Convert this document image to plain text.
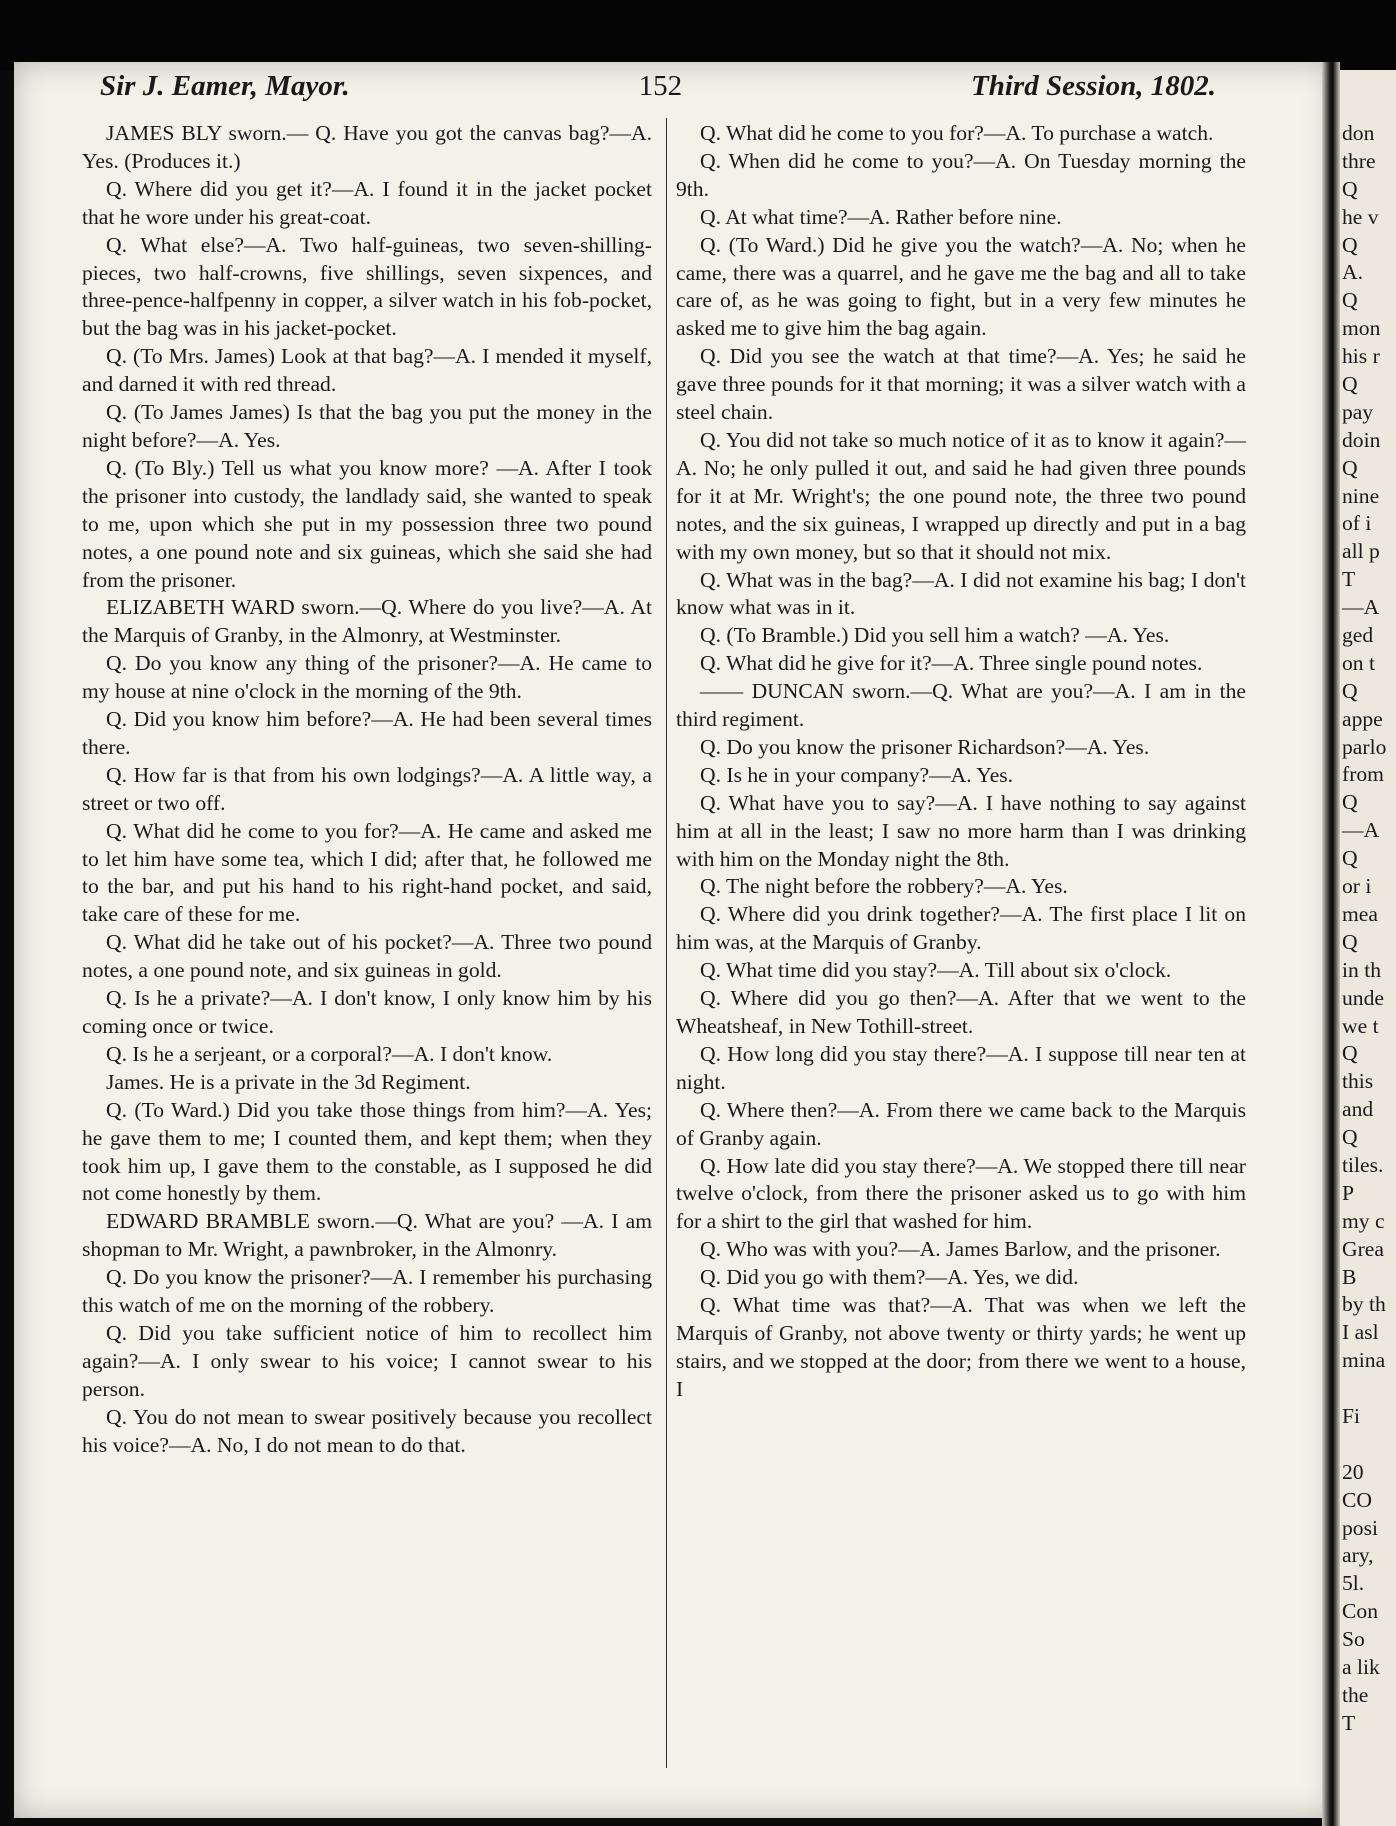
Sir J. Eamer, Mayor.	152	Third Session, 1802.

JAMES BLY sworn.— Q. Have you got the canvas bag?—A. Yes. (Produces it.)

Q. Where did you get it?—A. I found it in the jacket pocket that he wore under his great-coat.

Q. What else?—A. Two half-guineas, two seven-shilling-pieces, two half-crowns, five shillings, seven sixpences, and three-pence-halfpenny in copper, a silver watch in his fob-pocket, but the bag was in his jacket-pocket.

Q. (To Mrs. James) Look at that bag?—A. I mended it myself, and darned it with red thread.

Q. (To James James) Is that the bag you put the money in the night before?—A. Yes.

Q. (To Bly.) Tell us what you know more? —A. After I took the prisoner into custody, the landlady said, she wanted to speak to me, upon which she put in my possession three two pound notes, a one pound note and six guineas, which she said she had from the prisoner.

ELIZABETH WARD sworn.—Q. Where do you live?—A. At the Marquis of Granby, in the Almonry, at Westminster.

Q. Do you know any thing of the prisoner?—A. He came to my house at nine o'clock in the morning of the 9th.

Q. Did you know him before?—A. He had been several times there.

Q. How far is that from his own lodgings?—A. A little way, a street or two off.

Q. What did he come to you for?—A. He came and asked me to let him have some tea, which I did; after that, he followed me to the bar, and put his hand to his right-hand pocket, and said, take care of these for me.

Q. What did he take out of his pocket?—A. Three two pound notes, a one pound note, and six guineas in gold.

Q. Is he a private?—A. I don't know, I only know him by his coming once or twice.

Q. Is he a serjeant, or a corporal?—A. I don't know.

James. He is a private in the 3d Regiment.

Q. (To Ward.) Did you take those things from him?—A. Yes; he gave them to me; I counted them, and kept them; when they took him up, I gave them to the constable, as I supposed he did not come honestly by them.

EDWARD BRAMBLE sworn.—Q. What are you? —A. I am shopman to Mr. Wright, a pawnbroker, in the Almonry.

Q. Do you know the prisoner?—A. I remember his purchasing this watch of me on the morning of the robbery.

Q. Did you take sufficient notice of him to recollect him again?—A. I only swear to his voice; I cannot swear to his person.

Q. You do not mean to swear positively because you recollect his voice?—A. No, I do not mean to do that.

Q. What did he come to you for?—A. To purchase a watch.

Q. When did he come to you?—A. On Tuesday morning the 9th.

Q. At what time?—A. Rather before nine.

Q. (To Ward.) Did he give you the watch?—A. No; when he came, there was a quarrel, and he gave me the bag and all to take care of, as he was going to fight, but in a very few minutes he asked me to give him the bag again.

Q. Did you see the watch at that time?—A. Yes; he said he gave three pounds for it that morning; it was a silver watch with a steel chain.

Q. You did not take so much notice of it as to know it again?—A. No; he only pulled it out, and said he had given three pounds for it at Mr. Wright's; the one pound note, the three two pound notes, and the six guineas, I wrapped up directly and put in a bag with my own money, but so that it should not mix.

Q. What was in the bag?—A. I did not examine his bag; I don't know what was in it.

Q. (To Bramble.) Did you sell him a watch? —A. Yes.

Q. What did he give for it?—A. Three single pound notes.

—— DUNCAN sworn.—Q. What are you?—A. I am in the third regiment.

Q. Do you know the prisoner Richardson?—A. Yes.

Q. Is he in your company?—A. Yes.

Q. What have you to say?—A. I have nothing to say against him at all in the least; I saw no more harm than I was drinking with him on the Monday night the 8th.

Q. The night before the robbery?—A. Yes.

Q. Where did you drink together?—A. The first place I lit on him was, at the Marquis of Granby.

Q. What time did you stay?—A. Till about six o'clock.

Q. Where did you go then?—A. After that we went to the Wheatsheaf, in New Tothill-street.

Q. How long did you stay there?—A. I suppose till near ten at night.

Q. Where then?—A. From there we came back to the Marquis of Granby again.

Q. How late did you stay there?—A. We stopped there till near twelve o'clock, from there the prisoner asked us to go with him for a shirt to the girl that washed for him.

Q. Who was with you?—A. James Barlow, and the prisoner.

Q. Did you go with them?—A. Yes, we did.

Q. What time was that?—A. That was when we left the Marquis of Granby, not above twenty or thirty yards; he went up stairs, and we stopped at the door; from there we went to a house, I

don
thre
Q
he v
Q
A.
Q
mon
his r
Q
pay
doin
Q
nine
of i
all p
T
—A
ged
on t
Q
appe
parlo
from
Q
—A
Q
or i
mea
Q
in th
unde
we t
Q
this
and
Q
tiles.
P
my c
Grea
B
by th
I asl
mina
Fi
20
CO
posi
ary,
5l.
Con
So
a lik
the
T
